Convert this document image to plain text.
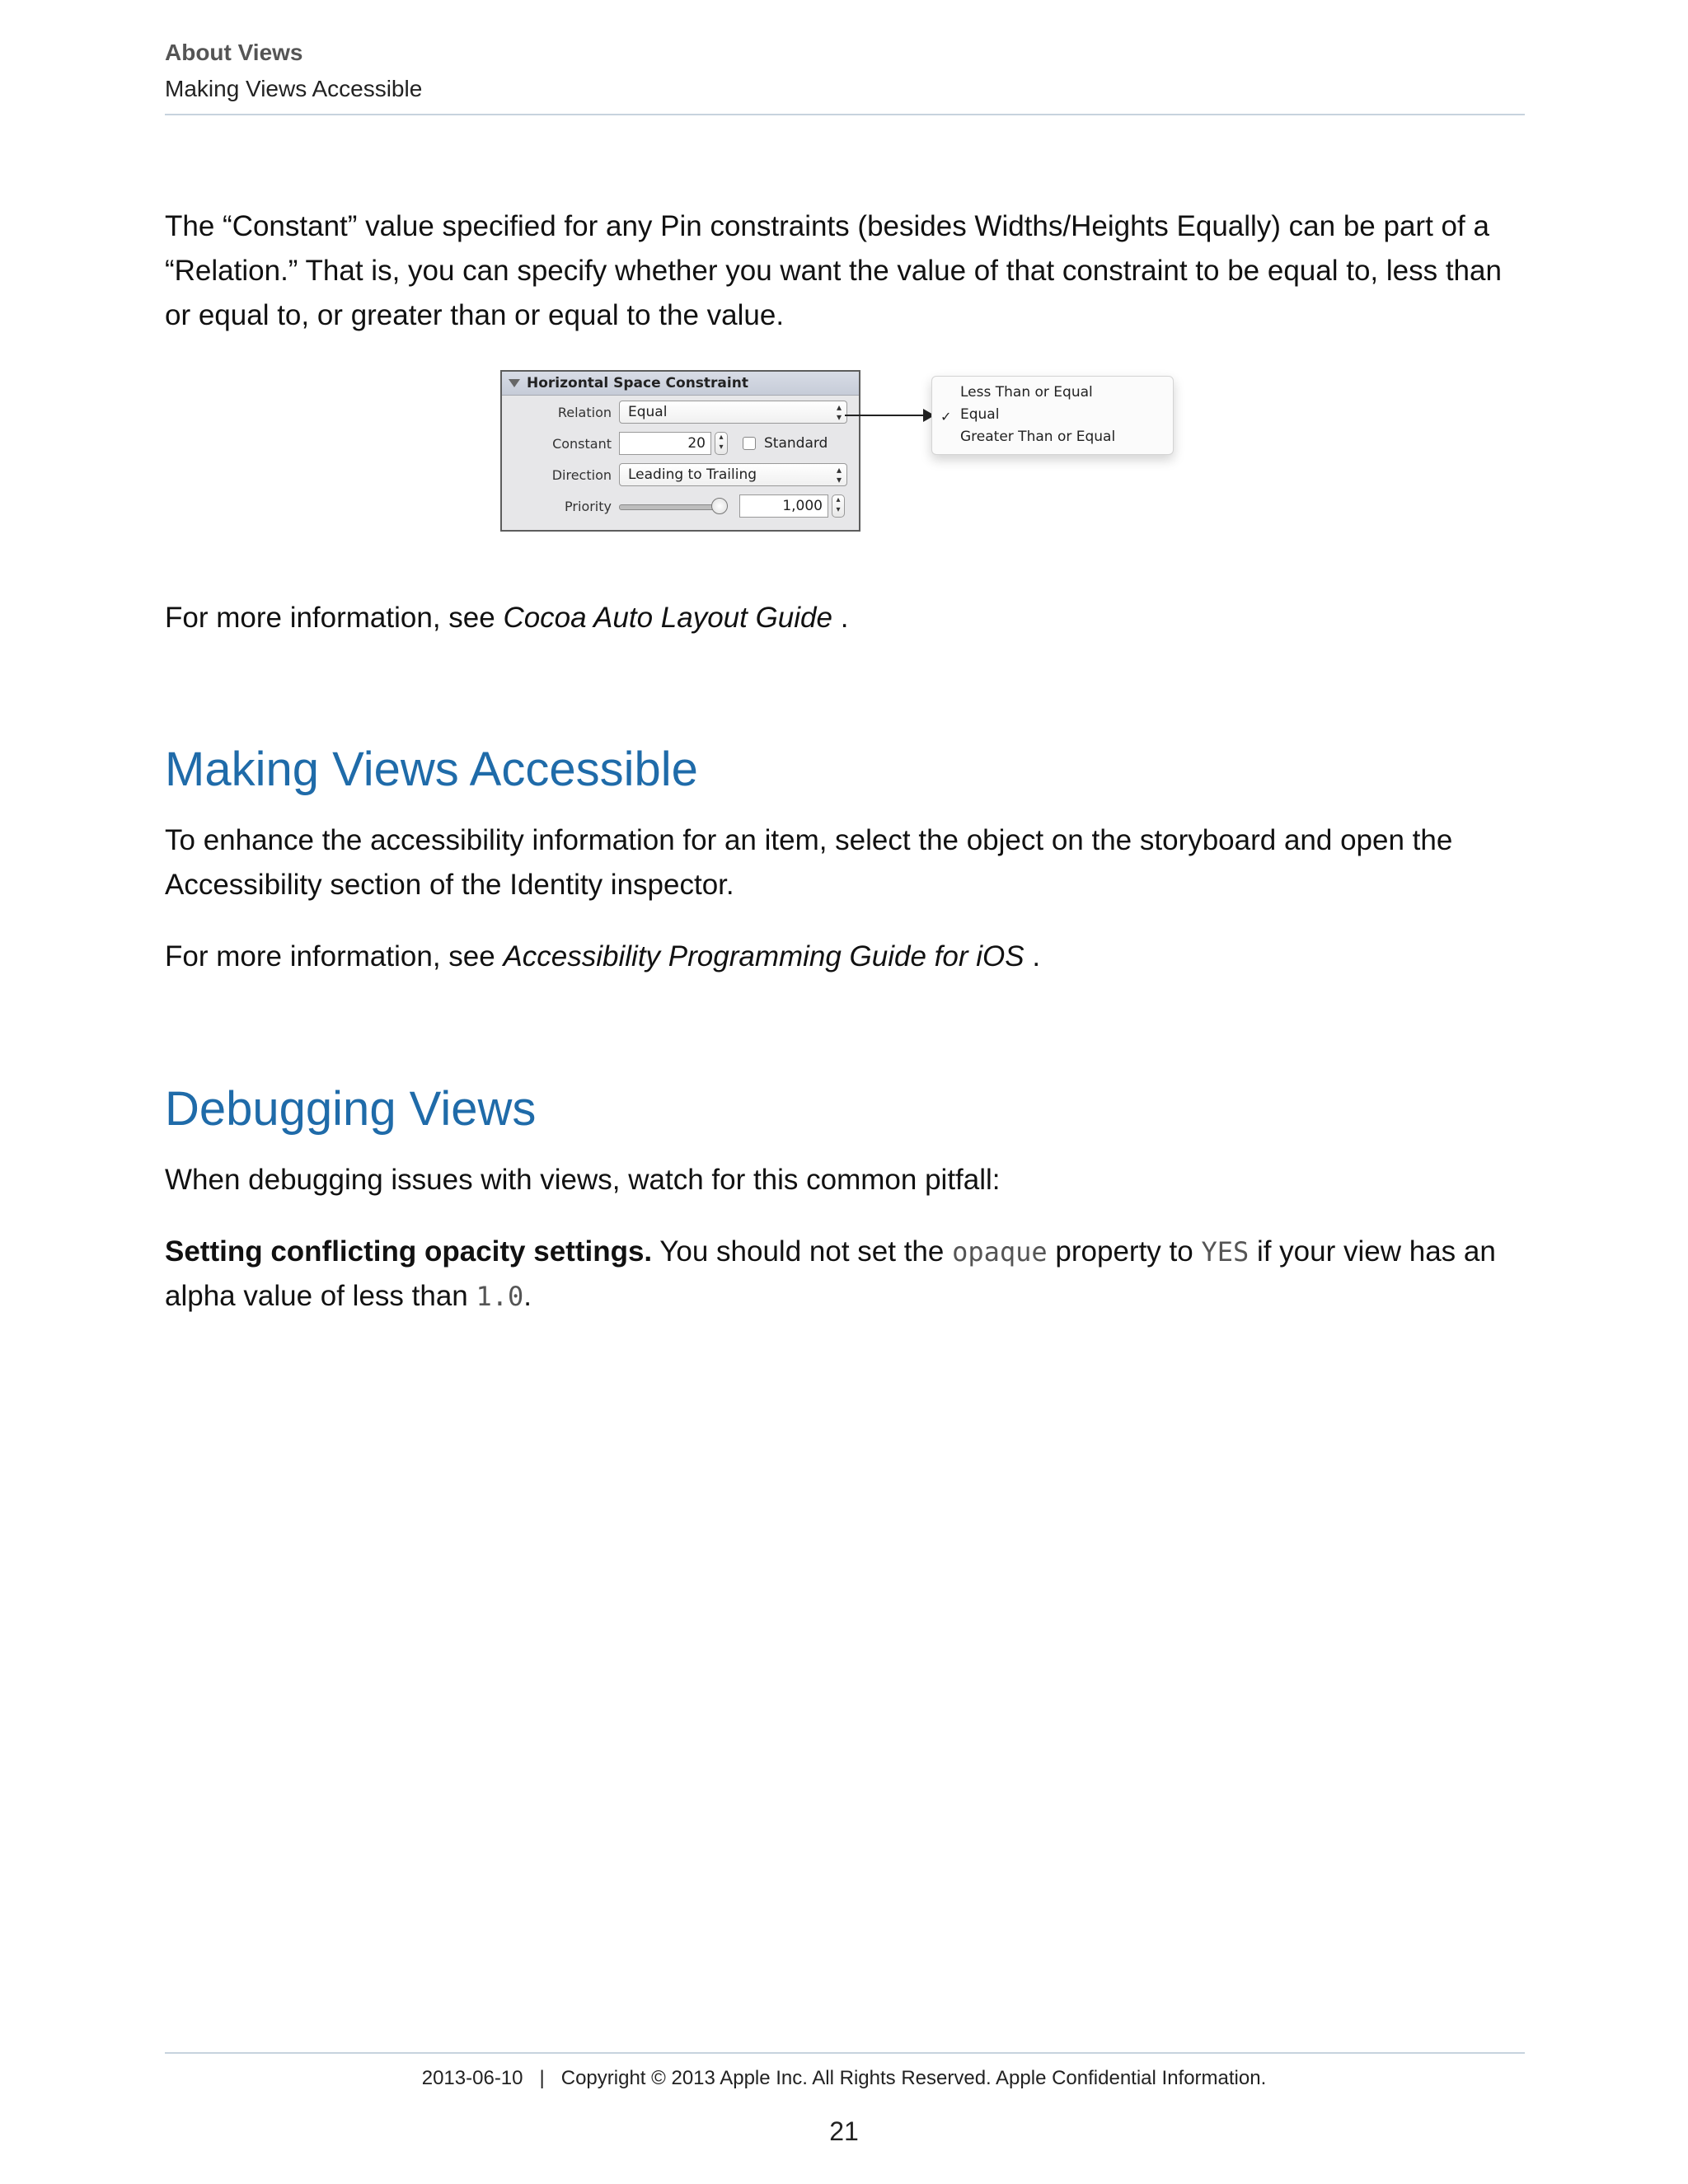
About Views
Making Views Accessible

The “Constant” value specified for any Pin constraints (besides Widths/Heights Equally) can be part of a “Relation.” That is, you can specify whether you want the value of that constraint to be equal to, less than or equal to, or greater than or equal to the value.

Horizontal Space Constraint
Relation	Equal	▴
▾
Constant	20	▴
▾	Standard
Direction	Leading to Trailing	▴
▾
Priority	1,000	▴
▾
Less Than or Equal
✓ Equal
Greater Than or Equal

For more information, see Cocoa Auto Layout Guide .

Making Views Accessible

To enhance the accessibility information for an item, select the object on the storyboard and open the Accessibility section of the Identity inspector.

For more information, see Accessibility Programming Guide for iOS .

Debugging Views

When debugging issues with views, watch for this common pitfall:

Setting conflicting opacity settings. You should not set the opaque property to YES if your view has an alpha value of less than 1.0.

2013-06-10   |   Copyright © 2013 Apple Inc. All Rights Reserved. Apple Confidential Information.
21
